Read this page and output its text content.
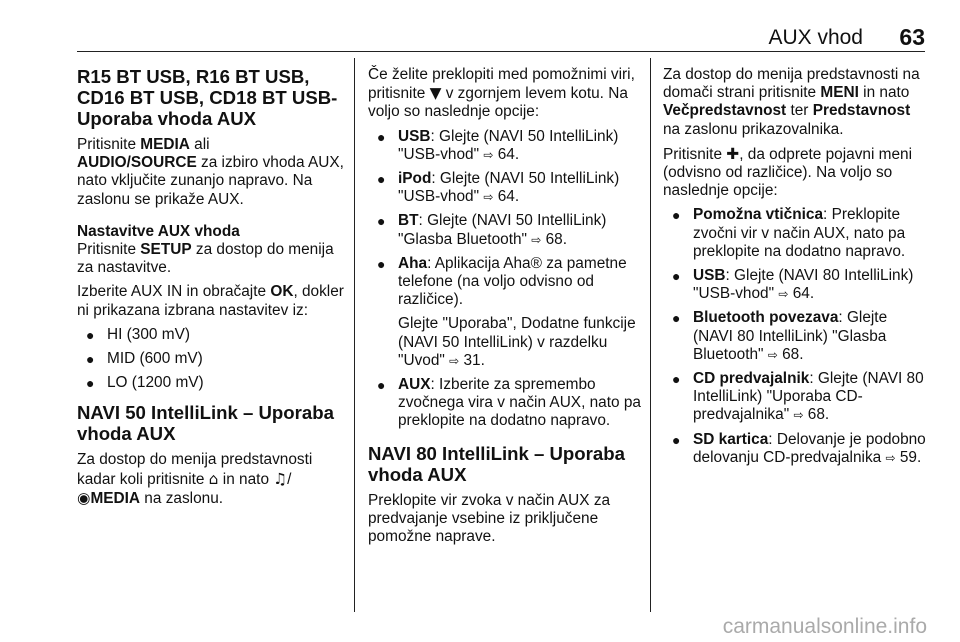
AUX vhod 63
R15 BT USB, R16 BT USB, CD16 BT USB, CD18 BT USB- Uporaba vhoda AUX

Pritisnite MEDIA ali
AUDIO/SOURCE za izbiro vhoda AUX, nato vključite zunanjo napravo. Na zaslonu se prikaže AUX.

Nastavitve AUX vhoda

Pritisnite SETUP za dostop do menija za nastavitve.

Izberite AUX IN in obračajte OK, dokler ni prikazana izbrana nastavitev iz:

● HI (300 mV)
● MID (600 mV)
● LO (1200 mV)
NAVI 50 IntelliLink – Uporaba vhoda AUX

Za dostop do menija predstavnosti kadar koli pritisnite ⌂ in nato ♫/
◉MEDIA na zaslonu.

Če želite preklopiti med pomožnimi viri, pritisnite ▼ v zgornjem levem kotu. Na voljo so naslednje opcije:

● USB: Glejte (NAVI 50 IntelliLink) "USB-vhod" ⇨ 64.
● iPod: Glejte (NAVI 50 IntelliLink) "USB-vhod" ⇨ 64.
● BT: Glejte (NAVI 50 IntelliLink) "Glasba Bluetooth" ⇨ 68.
● Aha: Aplikacija Aha® za pametne telefone (na voljo odvisno od različice).

Glejte "Uporaba", Dodatne funkcije (NAVI 50 IntelliLink) v razdelku "Uvod" ⇨ 31.

● AUX: Izberite za spremembo zvočnega vira v način AUX, nato pa preklopite na dodatno napravo.
NAVI 80 IntelliLink – Uporaba vhoda AUX

Preklopite vir zvoka v način AUX za predvajanje vsebine iz priključene pomožne naprave.

Za dostop do menija predstavnosti na domači strani pritisnite MENI in nato
Večpredstavnost ter Predstavnost na zaslonu prikazovalnika.

Pritisnite ✚, da odprete pojavni meni (odvisno od različice). Na voljo so naslednje opcije:

● Pomožna vtičnica: Preklopite zvočni vir v način AUX, nato pa preklopite na dodatno napravo.
● USB: Glejte (NAVI 80 IntelliLink) "USB-vhod" ⇨ 64.
● Bluetooth povezava: Glejte (NAVI 80 IntelliLink) "Glasba Bluetooth" ⇨ 68.
● CD predvajalnik: Glejte (NAVI 80 IntelliLink) "Uporaba CD-predvajalnika" ⇨ 68.
● SD kartica: Delovanje je podobno delovanju CD-predvajalnika ⇨ 59.
carmanualsonline.info
